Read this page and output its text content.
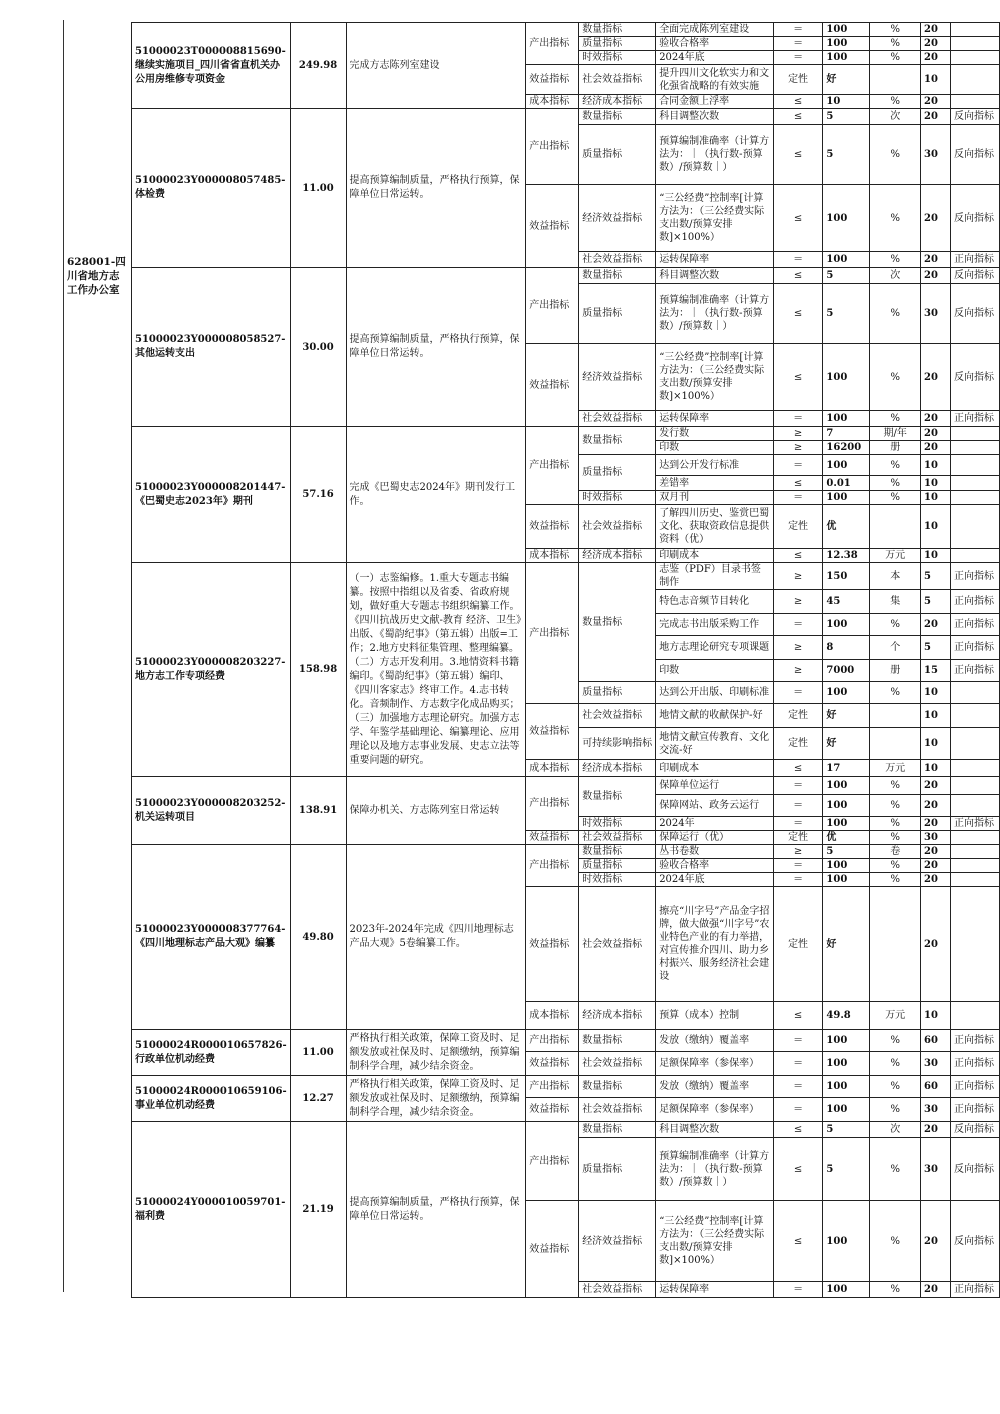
628001-四川省地方志工作办公室
51000023T000008815690-继续实施项目_四川省省直机关办公用房维修专项资金	249.98	完成方志陈列室建设	产出指标	数量指标	全面完成陈列室建设	＝	100	%	20	
				质量指标	验收合格率	＝	100	%	20	
				时效指标	2024年底	＝	100	%	20	
			效益指标	社会效益指标	提升四川文化软实力和文化强省战略的有效实施	定性	好		10	
			成本指标	经济成本指标	合同金额上浮率	≤	10	%	20	
51000023Y000008057485-体检费	11.00	提高预算编制质量，严格执行预算，保障单位日常运转。	产出指标	数量指标	科目调整次数	≤	5	次	20	反向指标
				质量指标	预算编制准确率（计算方法为：｜（执行数-预算数）/预算数｜）	≤	5	%	30	反向指标
			效益指标	经济效益指标	“三公经费”控制率[计算方法为：（三公经费实际支出数/预算安排数]×100%）	≤	100	%	20	反向指标
				社会效益指标	运转保障率	＝	100	%	20	正向指标
51000023Y000008058527-其他运转支出	30.00	提高预算编制质量，严格执行预算，保障单位日常运转。	产出指标	数量指标	科目调整次数	≤	5	次	20	反向指标
				质量指标	预算编制准确率（计算方法为：｜（执行数-预算数）/预算数｜）	≤	5	%	30	反向指标
			效益指标	经济效益指标	“三公经费”控制率[计算方法为：（三公经费实际支出数/预算安排数]×100%）	≤	100	%	20	反向指标
				社会效益指标	运转保障率	＝	100	%	20	正向指标
51000023Y000008201447-《巴蜀史志2023年》期刊	57.16	完成《巴蜀史志2024年》期刊发行工作。	产出指标	数量指标	发行数	≥	7	期/年	20	
					印数	≥	16200	册	20	
				质量指标	达到公开发行标准	＝	100	%	10	
					差错率	≤	0.01	%	10	
				时效指标	双月刊	＝	100	%	10	
			效益指标	社会效益指标	了解四川历史、鉴赏巴蜀文化、获取资政信息提供资料（优）	定性	优		10	
			成本指标	经济成本指标	印刷成本	≤	12.38	万元	10	
51000023Y000008203227-地方志工作专项经费	158.98	（一）志鉴编修。1.重大专题志书编纂。按照中指组以及省委、省政府规划，做好重大专题志书组织编纂工作。《四川抗战历史文献-教育 经济、卫生》出版、《蜀韵纪事》（第五辑）出版=工作；2.地方史料征集管理、整理编纂。（二）方志开发利用。3.地情资料书籍编印。《蜀韵纪事》（第五辑）编印、《四川客家志》终审工作。4.志书转化。音频制作、方志数字化成品购买；（三）加强地方志理论研究。加强方志学、年鉴学基础理论、编纂理论、应用理论以及地方志事业发展、史志立法等重要问题的研究。	产出指标	数量指标	志鉴（PDF）目录书签制作	≥	150	本	5	正向指标
					特色志音频节目转化	≥	45	集	5	正向指标
					完成志书出版采购工作	＝	100	%	20	正向指标
					地方志理论研究专项课题	≥	8	个	5	正向指标
					印数	≥	7000	册	15	正向指标
				质量指标	达到公开出版、印刷标准	＝	100	%	10	
			效益指标	社会效益指标	地情文献的收献保护-好	定性	好		10	
				可持续影响指标	地情文献宣传教育、文化交流-好	定性	好		10	
			成本指标	经济成本指标	印刷成本	≤	17	万元	10	
51000023Y000008203252-机关运转项目	138.91	保障办机关、方志陈列室日常运转	产出指标	数量指标	保障单位运行	＝	100	%	20	
					保障网站、政务云运行	＝	100	%	20	
				时效指标	2024年	＝	100	%	20	正向指标
			效益指标	社会效益指标	保障运行（优）	定性	优	%	30	
51000023Y000008377764-《四川地理标志产品大观》编纂	49.80	2023年-2024年完成《四川地理标志产品大观》5卷编纂工作。	产出指标	数量指标	丛书卷数	≥	5	卷	20	
				质量指标	验收合格率	＝	100	%	20	
				时效指标	2024年底	＝	100	%	20	
			效益指标	社会效益指标	擦亮“川字号”产品金字招牌，做大做强“川字号”农业特色产业的有力举措，对宣传推介四川、助力乡村振兴、服务经济社会建设	定性	好		20	
			成本指标	经济成本指标	预算（成本）控制	≤	49.8	万元	10	
51000024R000010657826-行政单位机动经费	11.00	严格执行相关政策，保障工资及时、足额发放或社保及时、足额缴纳，预算编制科学合理，减少结余资金。	产出指标	数量指标	发放（缴纳）覆盖率	＝	100	%	60	正向指标
			效益指标	社会效益指标	足额保障率（参保率）	＝	100	%	30	正向指标
51000024R000010659106-事业单位机动经费	12.27	严格执行相关政策，保障工资及时、足额发放或社保及时、足额缴纳，预算编制科学合理，减少结余资金。	产出指标	数量指标	发放（缴纳）覆盖率	＝	100	%	60	正向指标
			效益指标	社会效益指标	足额保障率（参保率）	＝	100	%	30	正向指标
51000024Y000010059701-福利费	21.19	提高预算编制质量，严格执行预算，保障单位日常运转。	产出指标	数量指标	科目调整次数	≤	5	次	20	反向指标
				质量指标	预算编制准确率（计算方法为：｜（执行数-预算数）/预算数｜）	≤	5	%	30	反向指标
			效益指标	经济效益指标	“三公经费”控制率[计算方法为：（三公经费实际支出数/预算安排数]×100%）	≤	100	%	20	反向指标
				社会效益指标	运转保障率	＝	100	%	20	正向指标
